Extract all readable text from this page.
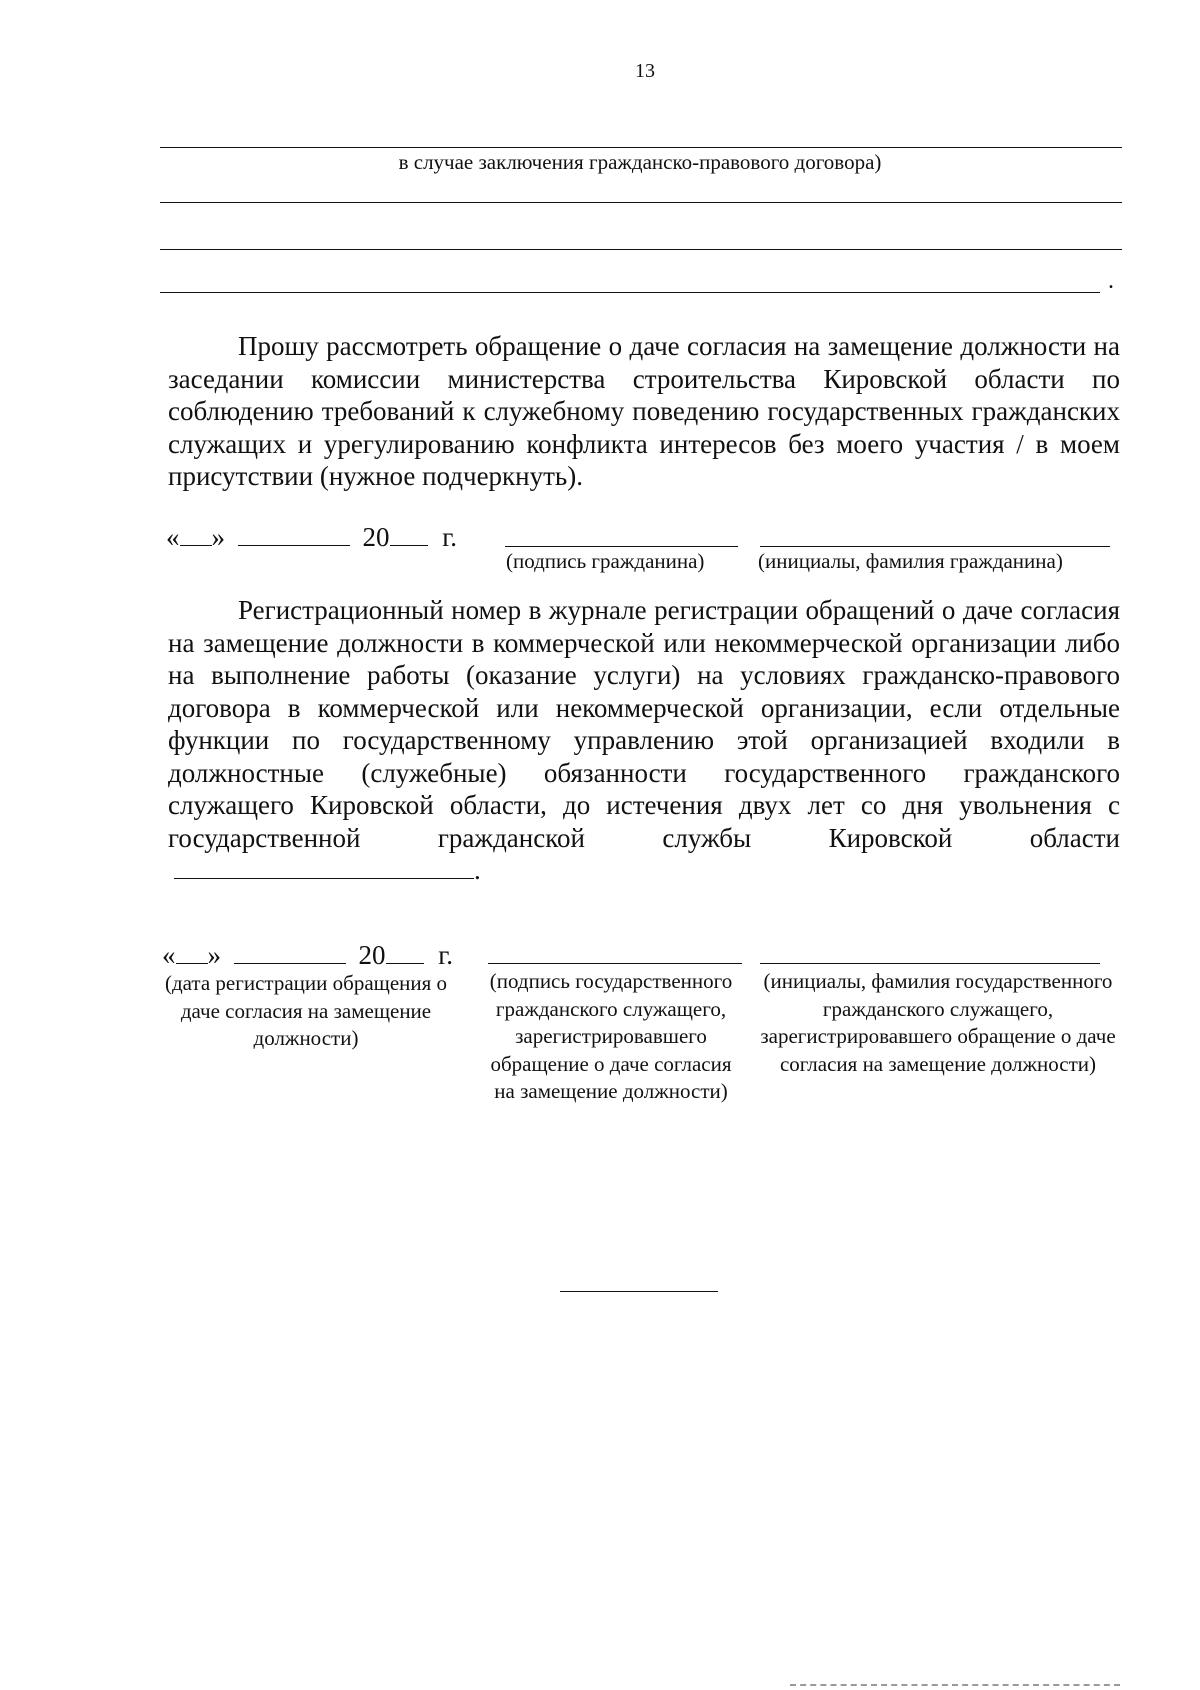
13
в случае заключения гражданско-правового договора)
.
Прошу рассмотреть обращение о даче согласия на замещение должности на заседании комиссии министерства строительства Кировской области по соблюдению требований к служебному поведению государственных гражданских служащих и урегулированию конфликта интересов без моего участия / в моем присутствии (нужное подчеркнуть).
« »	20 г.
(подпись гражданина)	(инициалы, фамилия гражданина)
Регистрационный номер в журнале регистрации обращений о даче согласия на замещение должности в коммерческой или некоммерческой организации либо на выполнение работы (оказание услуги) на условиях гражданско-правового договора в коммерческой или некоммерческой организации, если отдельные функции по государственному управлению этой организацией входили в должностные (служебные) обязанности государственного гражданского служащего Кировской области, до истечения двух лет со дня увольнения с государственной гражданской службы Кировской области .
« »	20 г.
(дата регистрации обращения о даче согласия на замещение должности)
(подпись государственного гражданского служащего, зарегистрировавшего обращение о даче согласия на замещение должности)
(инициалы, фамилия государственного гражданского служащего, зарегистрировавшего обращение о даче согласия на замещение должности)
